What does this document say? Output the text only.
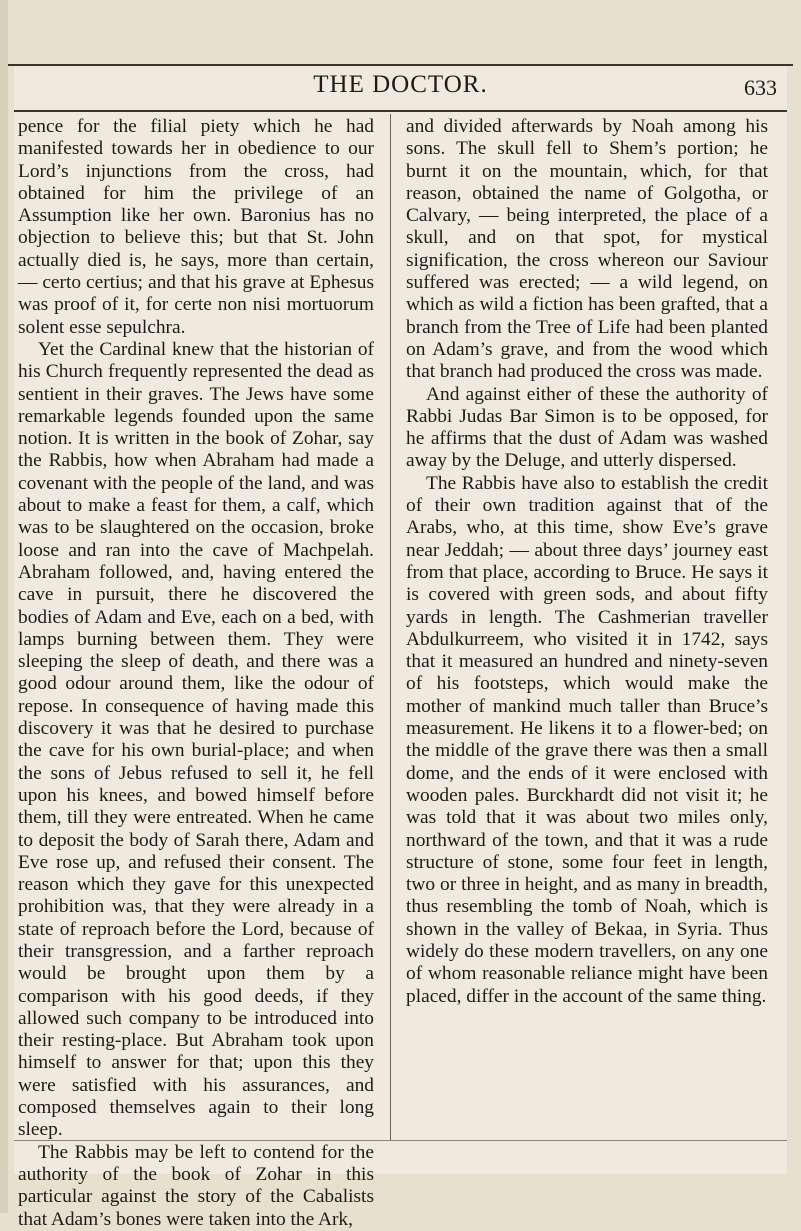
THE DOCTOR.	633

pence for the filial piety which he had manifested towards her in obedience to our Lord’s injunctions from the cross, had obtained for him the privilege of an Assumption like her own. Baronius has no objection to believe this; but that St. John actually died is, he says, more than certain, — certo certius; and that his grave at Ephesus was proof of it, for certe non nisi mortuorum solent esse sepulchra.

Yet the Cardinal knew that the historian of his Church frequently represented the dead as sentient in their graves. The Jews have some remarkable legends founded upon the same notion. It is written in the book of Zohar, say the Rabbis, how when Abraham had made a covenant with the people of the land, and was about to make a feast for them, a calf, which was to be slaughtered on the occasion, broke loose and ran into the cave of Machpelah. Abraham followed, and, having entered the cave in pursuit, there he discovered the bodies of Adam and Eve, each on a bed, with lamps burning between them. They were sleeping the sleep of death, and there was a good odour around them, like the odour of repose. In consequence of having made this discovery it was that he desired to purchase the cave for his own burial-place; and when the sons of Jebus refused to sell it, he fell upon his knees, and bowed himself before them, till they were entreated. When he came to deposit the body of Sarah there, Adam and Eve rose up, and refused their consent. The reason which they gave for this unexpected prohibition was, that they were already in a state of reproach before the Lord, because of their transgression, and a farther reproach would be brought upon them by a comparison with his good deeds, if they allowed such company to be introduced into their resting-place. But Abraham took upon himself to answer for that; upon this they were satisfied with his assurances, and composed themselves again to their long sleep.

The Rabbis may be left to contend for the authority of the book of Zohar in this particular against the story of the Cabalists that Adam’s bones were taken into the Ark,

and divided afterwards by Noah among his sons. The skull fell to Shem’s portion; he burnt it on the mountain, which, for that reason, obtained the name of Golgotha, or Calvary, — being interpreted, the place of a skull, and on that spot, for mystical signification, the cross whereon our Saviour suffered was erected; — a wild legend, on which as wild a fiction has been grafted, that a branch from the Tree of Life had been planted on Adam’s grave, and from the wood which that branch had produced the cross was made.

And against either of these the authority of Rabbi Judas Bar Simon is to be opposed, for he affirms that the dust of Adam was washed away by the Deluge, and utterly dispersed.

The Rabbis have also to establish the credit of their own tradition against that of the Arabs, who, at this time, show Eve’s grave near Jeddah; — about three days’ journey east from that place, according to Bruce. He says it is covered with green sods, and about fifty yards in length. The Cashmerian traveller Abdulkurreem, who visited it in 1742, says that it measured an hundred and ninety-seven of his footsteps, which would make the mother of mankind much taller than Bruce’s measurement. He likens it to a flower-bed; on the middle of the grave there was then a small dome, and the ends of it were enclosed with wooden pales. Burckhardt did not visit it; he was told that it was about two miles only, northward of the town, and that it was a rude structure of stone, some four feet in length, two or three in height, and as many in breadth, thus resembling the tomb of Noah, which is shown in the valley of Bekaa, in Syria. Thus widely do these modern travellers, on any one of whom reasonable reliance might have been placed, differ in the account of the same thing.
